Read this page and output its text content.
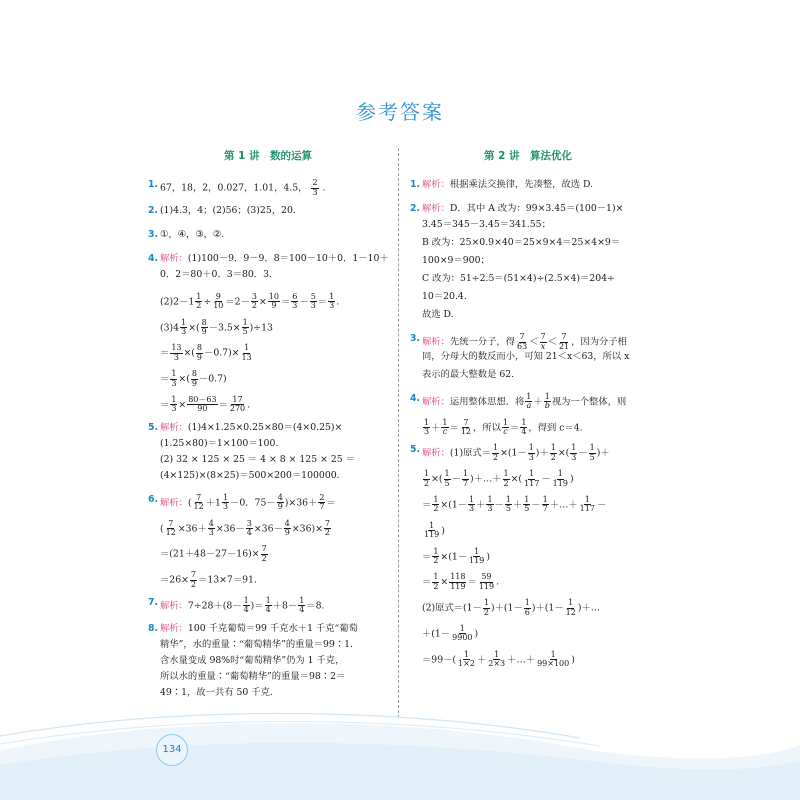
参考答案
第 1 讲　数的运算
1. 67，18，2，0.027，1.01，4.5， $\frac{2}{3}$ .
2. (1)4.3，4；(2)56；(3)25，20.
3. ①，④，③，②.
4. 解析：(1)100－9．9－9．8＝100－10＋0．1－10＋
0．2＝80＋0．3＝80．3．
$(2)2-1 \frac{1}{2} \div \frac{9}{10} =2- \frac{3}{2} \times \frac{10}{9} = \frac{6}{3} - \frac{5}{3} = \frac{1}{3}$ .
$(3)4 \frac{1}{3}$ ×( $\frac{8}{9} -3.5\times \frac{1}{5} )\div 13$
＝ $\frac{13}{3}$ ×( $\frac{8}{9} -0.7)\times \frac{1}{13}$
＝ $\frac{1}{3}$ ×( $\frac{8}{9} -0.7$)
＝ $\frac{1}{3} \times \frac{80-63}{90} = \frac{17}{270}$ .
5. 解析：(1)4×1.25×0.25×80＝(4×0.25)×
(1.25×80)＝1×100＝100.
(2) 32 × 125 × 25 ＝ 4 × 8 × 125 × 25 ＝
(4×125)×(8×25)＝500×200＝100000.
6. 解析：( $\frac{7}{12} +1 \frac{1}{3} -0$．$75- \frac{4}{9} )\times 36+ \frac{2}{7}$ ＝
( $\frac{7}{12} \times 36+ \frac{4}{3} \times 36- \frac{3}{4} \times 36- \frac{4}{9} \times 36)\times \frac{7}{2}$
$=(21+48-27-16)\times \frac{7}{2}$
$=26\times \frac{7}{2} =13\times 7=91$.
7. 解析：$7\div 28+(8- \frac{1}{4}$ )＝ $\frac{1}{4} +8- \frac{1}{4} =8$.
8. 解析：100 千克葡萄＝99 千克水＋1 千克“葡萄
精华”，水的重量∶“葡萄精华”的重量＝99∶1.
含水量变成 98%时“葡萄精华”仍为 1 千克，
所以水的重量∶“葡萄精华”的重量＝98∶2＝
49∶1，故一共有 50 千克.
第 2 讲　算法优化
1. 解析：根据乘法交换律，先凑整，故选 D.
2. 解析：D．其中 A 改为：99×3.45＝(100－1)×
3.45＝345－3.45＝341.55；
B 改为：25×0.9×40＝25×9×4＝25×4×9＝
100×9＝900；
C 改为：51÷2.5＝(51×4)÷(2.5×4)＝204÷
10＝20.4.
故选 D.
3. 解析：先统一分子，得 $\frac{7}{63} < \frac{7}{x} < \frac{7}{21}$ ，因为分子相
同，分母大的数反而小，可知 21＜x＜63，所以 x
表示的最大整数是 62.
4. 解析：运用整体思想．将 $\frac{1}{a} + \frac{1}{b}$ 视为一个整体，则
$\frac{1}{3} + \frac{1}{c} = \frac{7}{12}$ ，所以 $\frac{1}{c} = \frac{1}{4}$ ，得到 c＝4.
5. 解析：(1)原式＝ $\frac{1}{2} \times(1- \frac{1}{3}$ )＋ $\frac{1}{2}$ ×( $\frac{1}{3} - \frac{1}{5}$ )＋
$\frac{1}{2}$ ×( $\frac{1}{5} - \frac{1}{7}$ )＋…＋ $\frac{1}{2}$ ×( $\frac{1}{117} - \frac{1}{119}$ )
＝ $\frac{1}{2} \times(1- \frac{1}{3} + \frac{1}{3} - \frac{1}{5} + \frac{1}{5} - \frac{1}{7}$ ＋…＋ $\frac{1}{117}$ －
$\frac{1}{119}$ )
＝ $\frac{1}{2} \times(1- \frac{1}{119}$ )
＝ $\frac{1}{2} \times \frac{118}{119} = \frac{59}{119}$ .
(2)原式$=(1- \frac{1}{2} )+(1- \frac{1}{6} )+(1- \frac{1}{12}$ )＋…
$+(1- \frac{1}{9900}$ )
$=99-( \frac{1}{1\times 2} + \frac{1}{2\times 3}$ ＋…＋ $\frac{1}{99\times 100}$ )
134
